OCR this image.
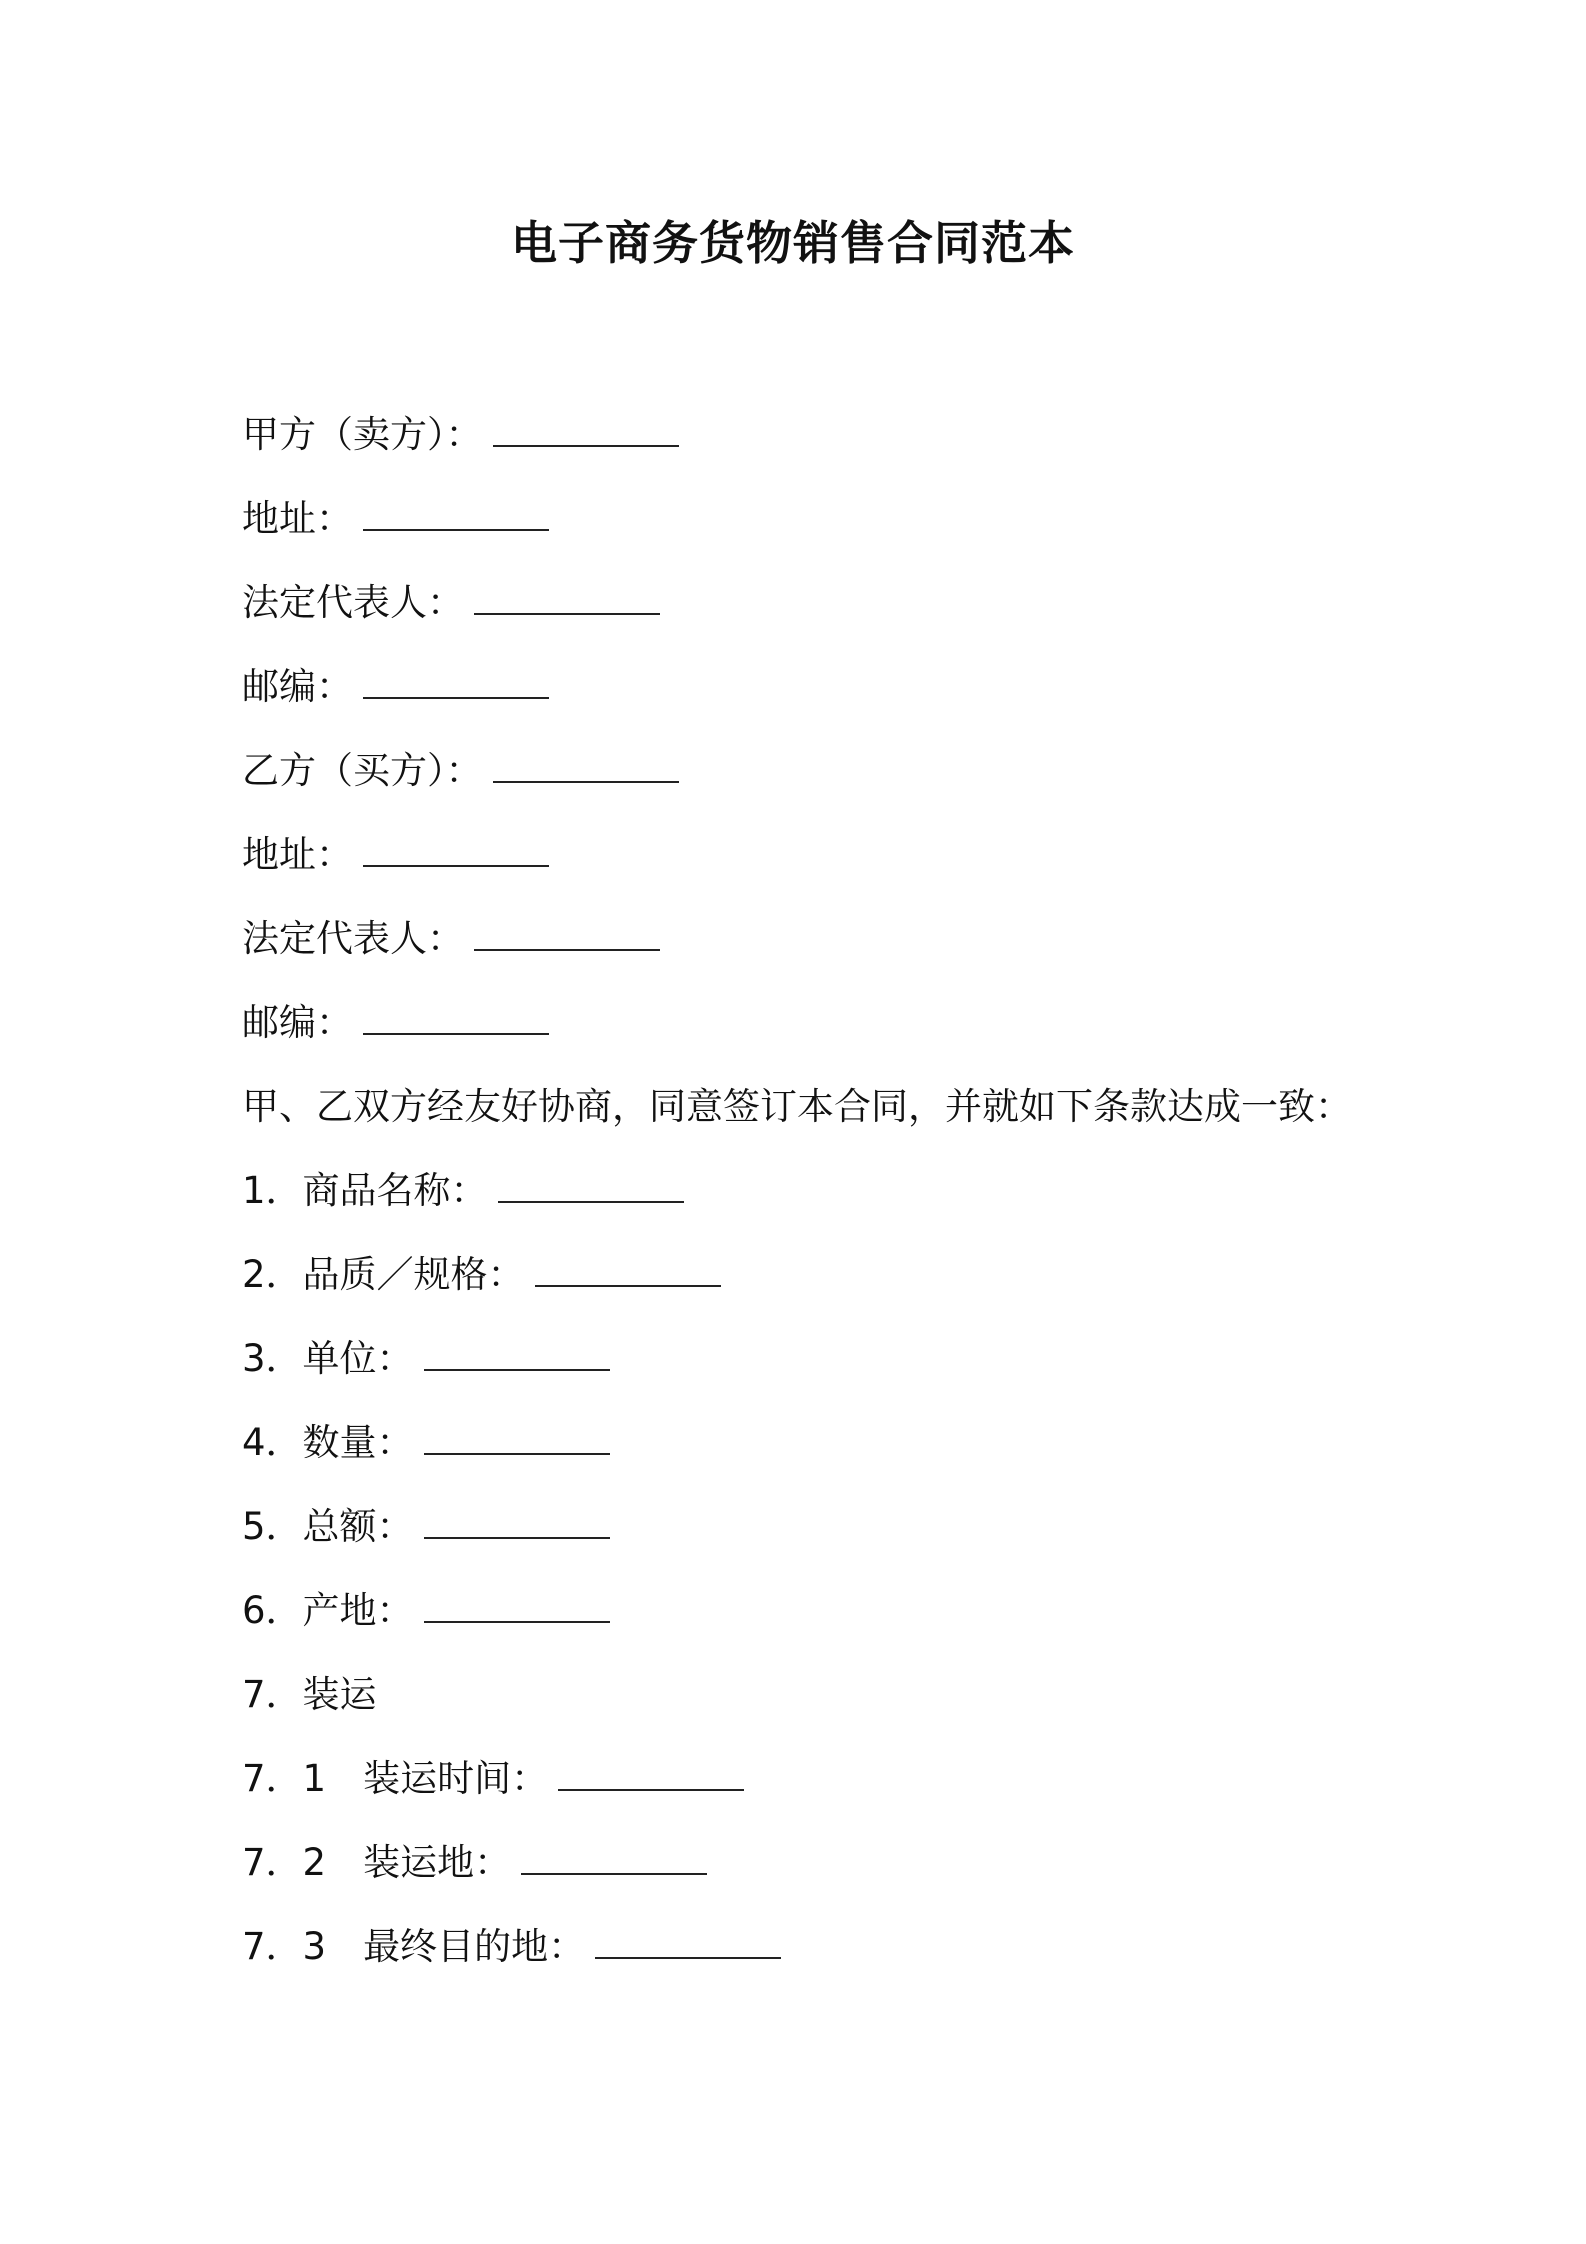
电子商务货物销售合同范本
甲方（卖方）：
地址：
法定代表人：
邮编：
乙方（买方）：
地址：
法定代表人：
邮编：
甲、乙双方经友好协商，同意签订本合同，并就如下条款达成一致：
1．商品名称：
2．品质／规格：
3．单位：
4．数量：
5．总额：
6．产地：
7．装运
7．1　装运时间：
7．2　装运地：
7．3　最终目的地：
